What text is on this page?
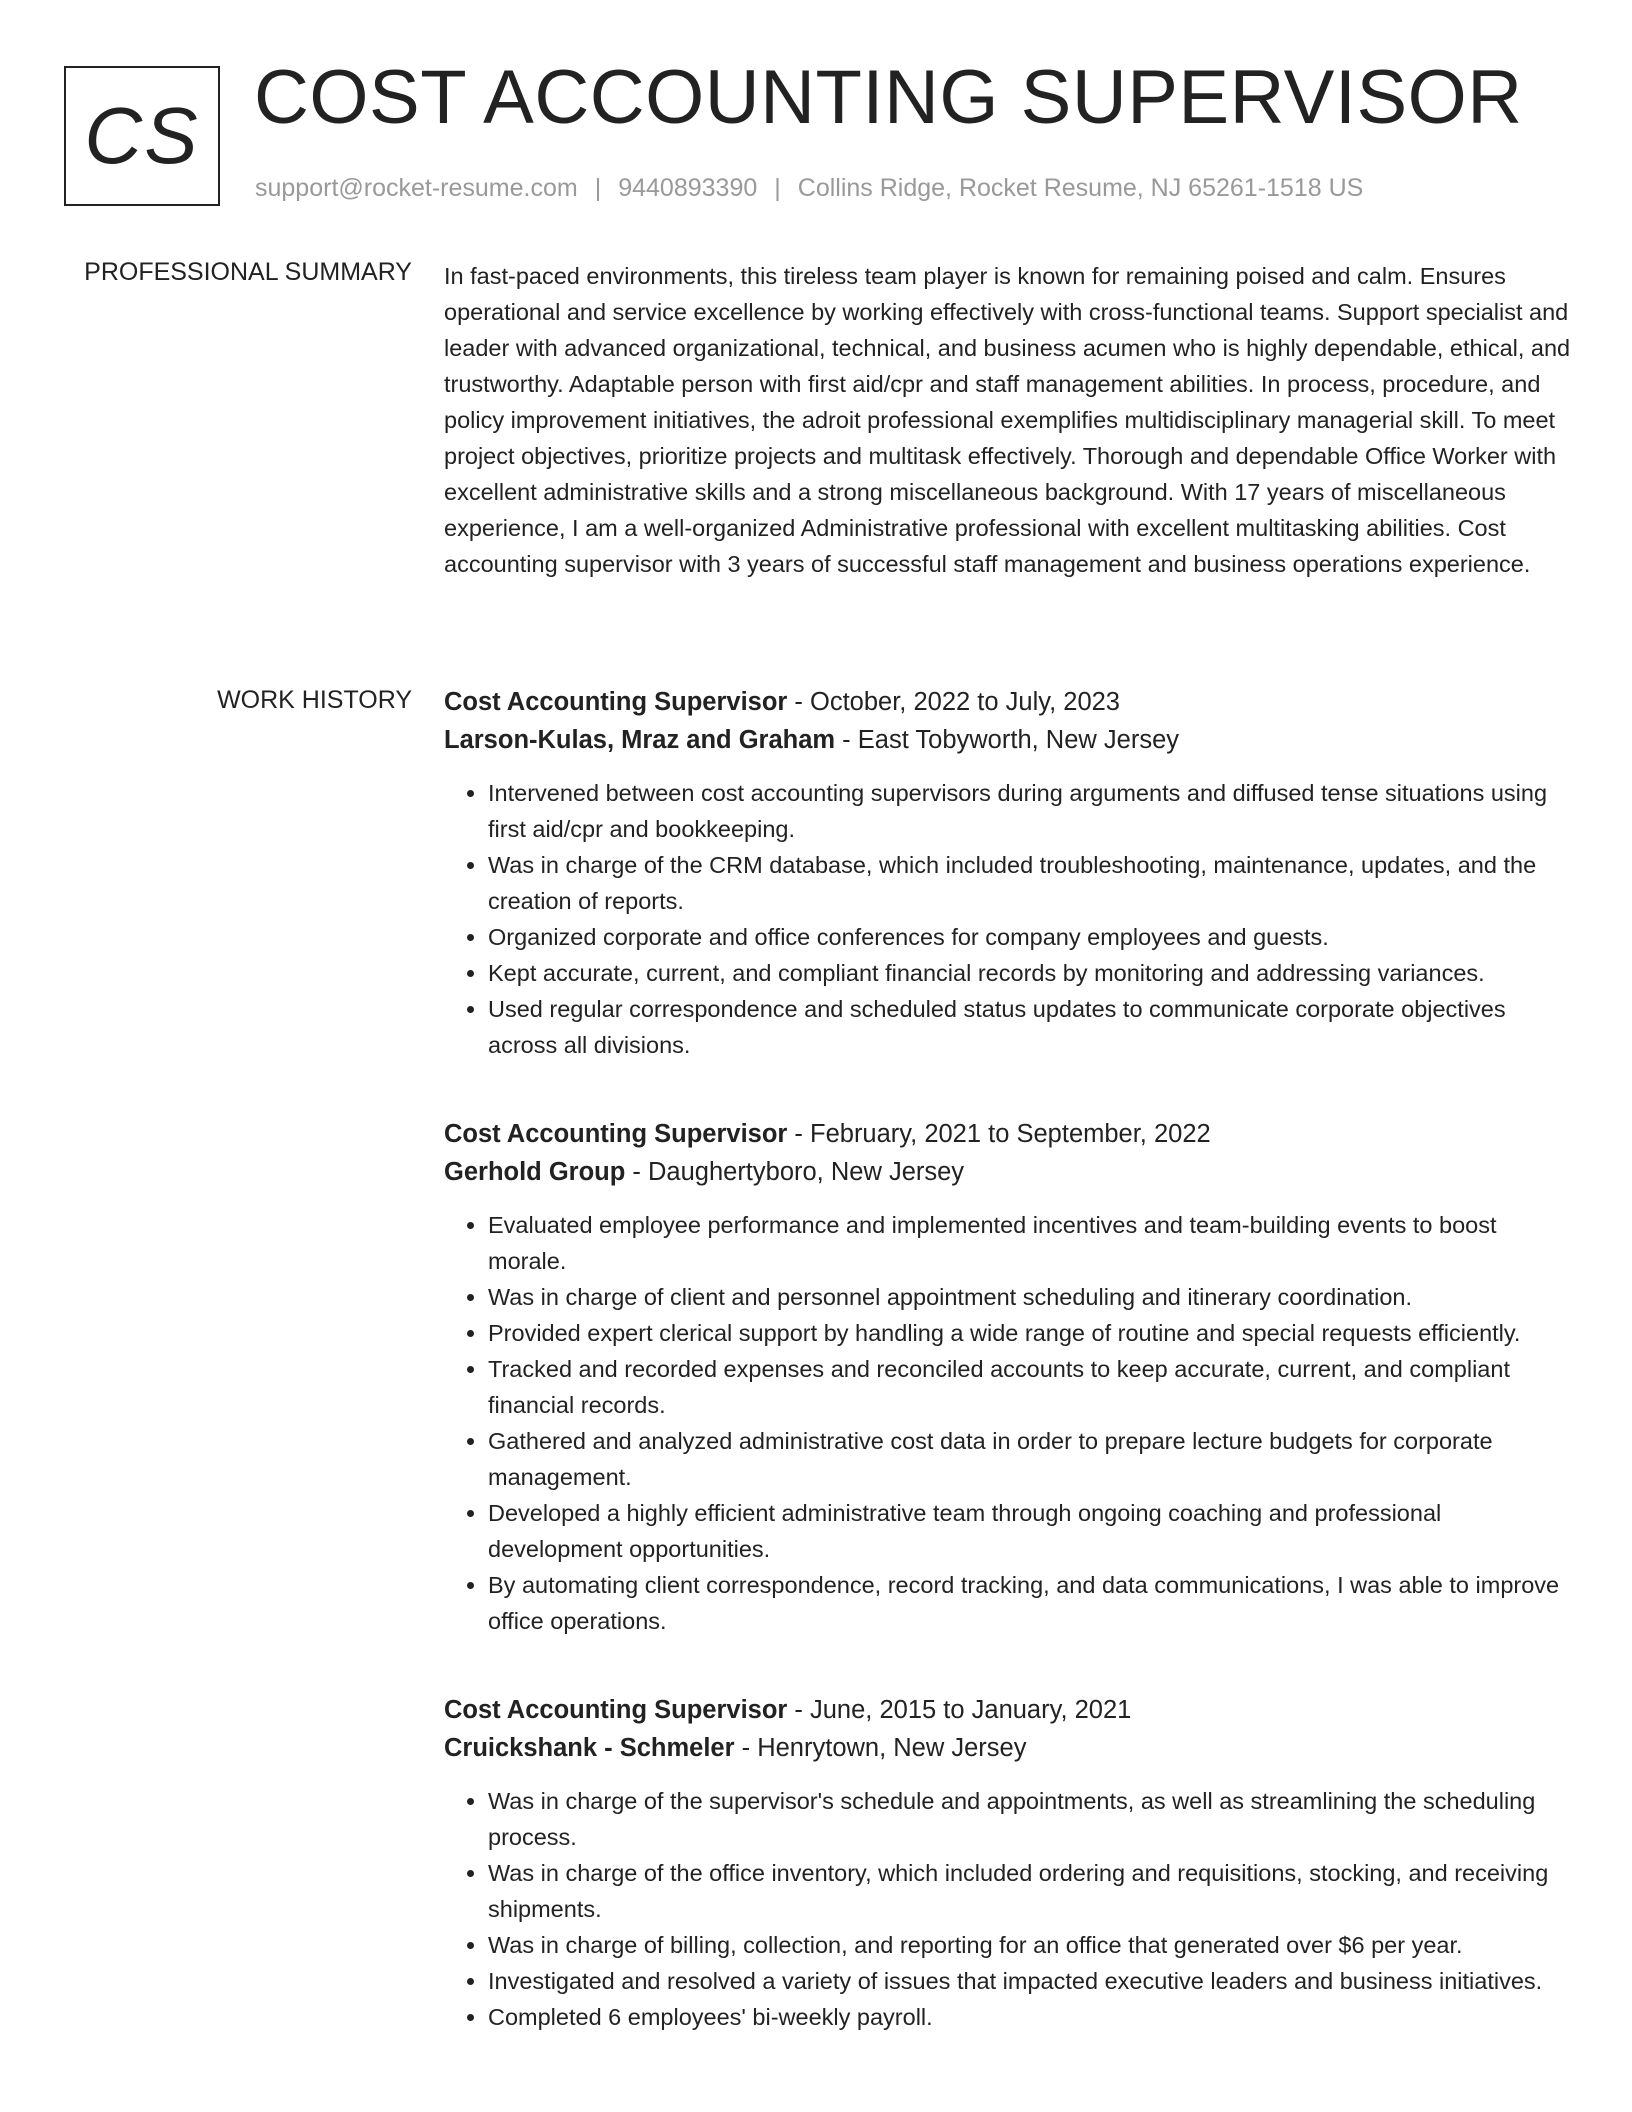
CS COST ACCOUNTING SUPERVISOR
support@rocket-resume.com | 9440893390 | Collins Ridge, Rocket Resume, NJ 65261-1518 US
PROFESSIONAL SUMMARY In fast-paced environments, this tireless team player is known for remaining poised and calm. Ensures operational and service excellence by working effectively with cross-functional teams. Support specialist and leader with advanced organizational, technical, and business acumen who is highly dependable, ethical, and trustworthy. Adaptable person with first aid/cpr and staff management abilities. In process, procedure, and policy improvement initiatives, the adroit professional exemplifies multidisciplinary managerial skill. To meet project objectives, prioritize projects and multitask effectively. Thorough and dependable Office Worker with excellent administrative skills and a strong miscellaneous background. With 17 years of miscellaneous experience, I am a well-organized Administrative professional with excellent multitasking abilities. Cost accounting supervisor with 3 years of successful staff management and business operations experience.

WORK HISTORY Cost Accounting Supervisor - October, 2022 to July, 2023
Larson-Kulas, Mraz and Graham - East Tobyworth, New Jersey
• Intervened between cost accounting supervisors during arguments and diffused tense situations using first aid/cpr and bookkeeping.
• Was in charge of the CRM database, which included troubleshooting, maintenance, updates, and the creation of reports.
• Organized corporate and office conferences for company employees and guests.
• Kept accurate, current, and compliant financial records by monitoring and addressing variances.
• Used regular correspondence and scheduled status updates to communicate corporate objectives across all divisions.
Cost Accounting Supervisor - February, 2021 to September, 2022
Gerhold Group - Daughertyboro, New Jersey
• Evaluated employee performance and implemented incentives and team-building events to boost morale.
• Was in charge of client and personnel appointment scheduling and itinerary coordination.
• Provided expert clerical support by handling a wide range of routine and special requests efficiently.
• Tracked and recorded expenses and reconciled accounts to keep accurate, current, and compliant financial records.
• Gathered and analyzed administrative cost data in order to prepare lecture budgets for corporate management.
• Developed a highly efficient administrative team through ongoing coaching and professional development opportunities.
• By automating client correspondence, record tracking, and data communications, I was able to improve office operations.
Cost Accounting Supervisor - June, 2015 to January, 2021
Cruickshank - Schmeler - Henrytown, New Jersey
• Was in charge of the supervisor's schedule and appointments, as well as streamlining the scheduling process.
• Was in charge of the office inventory, which included ordering and requisitions, stocking, and receiving shipments.
• Was in charge of billing, collection, and reporting for an office that generated over $6 per year.
• Investigated and resolved a variety of issues that impacted executive leaders and business initiatives.
• Completed 6 employees' bi-weekly payroll.
